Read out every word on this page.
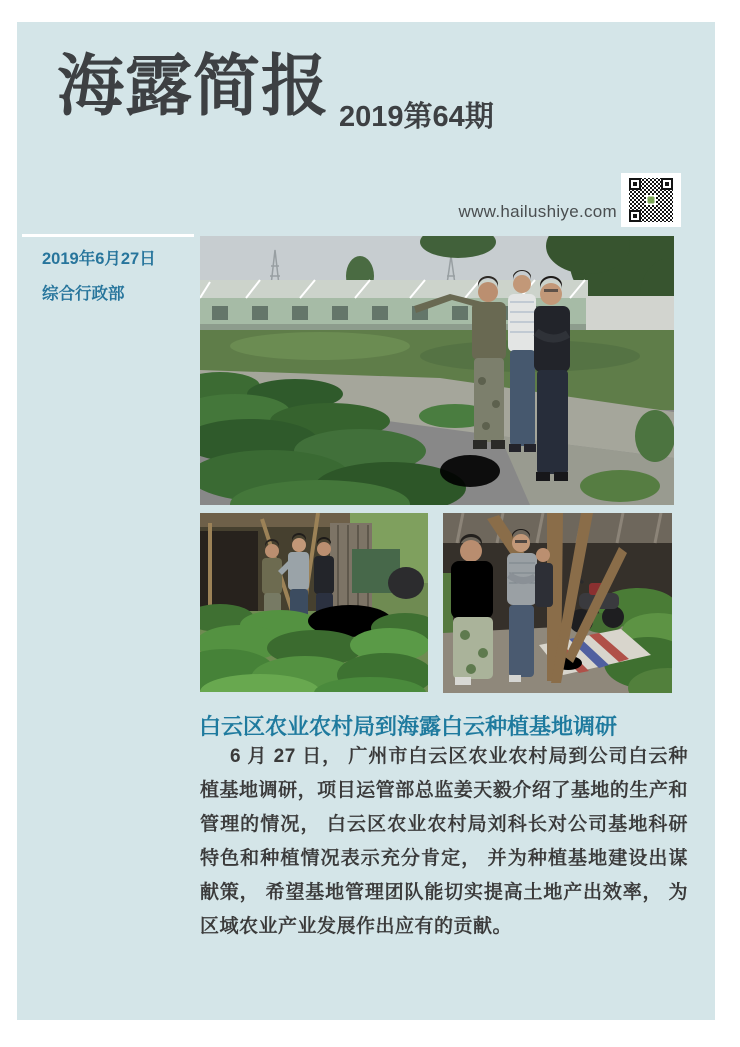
海露简报 2019第64期
www.hailushiye.com
2019年6月27日
综合行政部
白云区农业农村局到海露白云种植基地调研
6 月 27 日， 广州市白云区农业农村局到公司白云种植基地调研，项目运管部总监姜天毅介绍了基地的生产和管理的情况， 白云区农业农村局刘科长对公司基地科研特色和种植情况表示充分肯定， 并为种植基地建设出谋献策， 希望基地管理团队能切实提高土地产出效率， 为区域农业产业发展作出应有的贡献。
